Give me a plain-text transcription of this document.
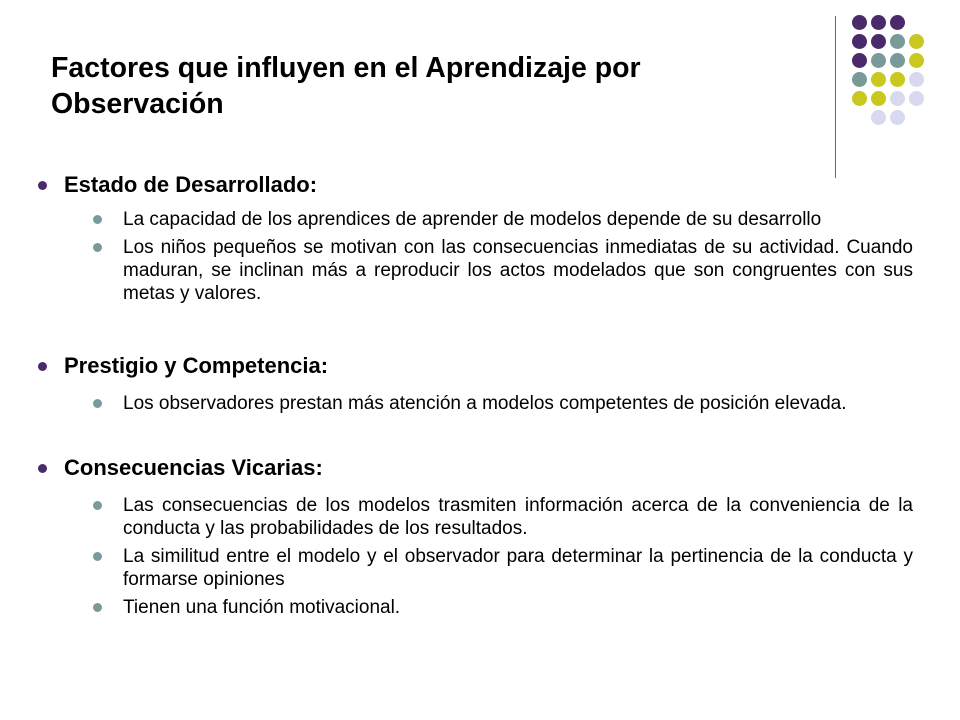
Factores que influyen en el Aprendizaje por Observación
Estado de Desarrollado:
La capacidad de los aprendices de aprender de modelos depende de su desarrollo
Los niños pequeños se motivan con las consecuencias inmediatas de su actividad. Cuando maduran, se inclinan más a reproducir los actos modelados que son congruentes con sus metas y valores.
Prestigio y Competencia:
Los observadores prestan más atención a modelos competentes de posición elevada.
Consecuencias Vicarias:
Las consecuencias de los modelos trasmiten información acerca de la conveniencia de la conducta y las probabilidades de los resultados.
La similitud entre el modelo y el observador para determinar la pertinencia de la conducta y formarse opiniones
Tienen una función motivacional.
